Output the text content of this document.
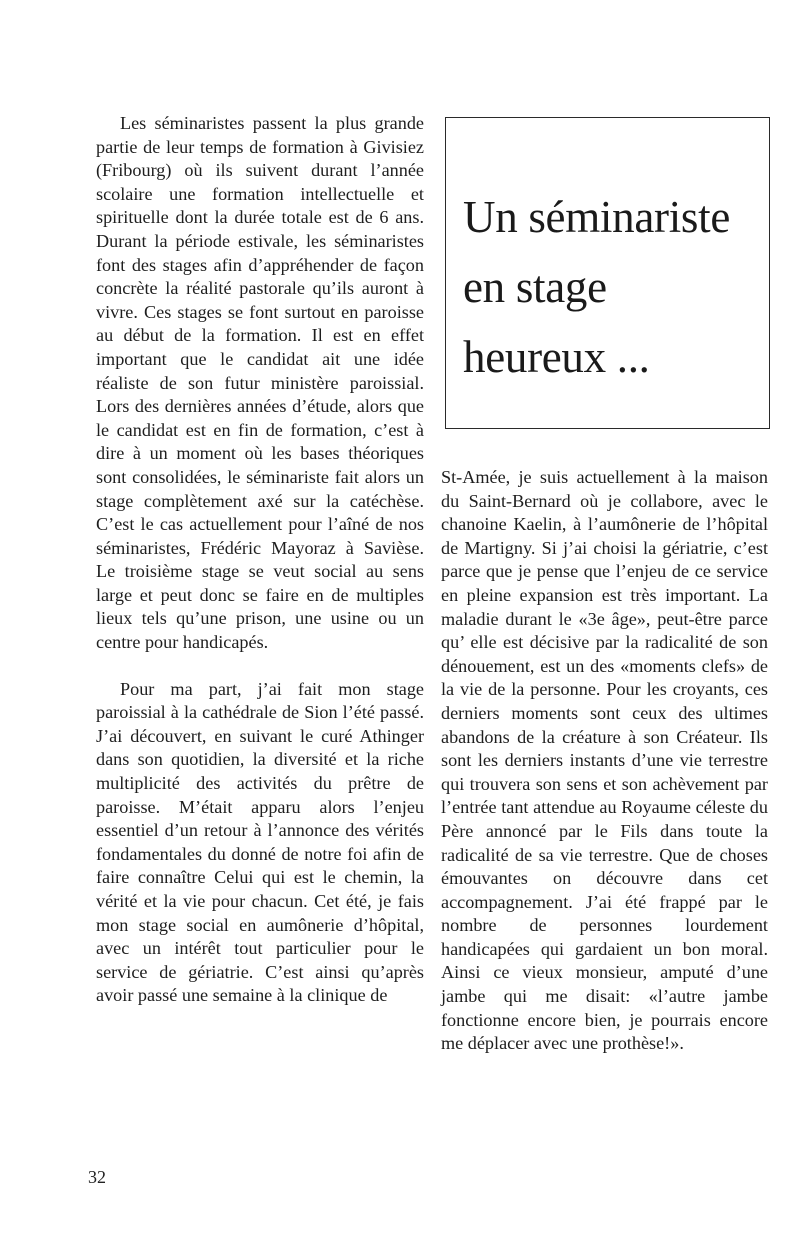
Les séminaristes passent la plus grande partie de leur temps de formation à Givisiez (Fribourg) où ils suivent durant l’année scolaire une formation intellectuelle et spirituelle dont la durée totale est de 6 ans. Durant la période estivale, les séminaristes font des stages afin d’appréhender de façon concrète la réalité pastorale qu’ils auront à vivre. Ces stages se font surtout en paroisse au début de la formation. Il est en effet important que le candidat ait une idée réaliste de son futur ministère paroissial. Lors des dernières années d’étude, alors que le candidat est en fin de formation, c’est à dire à un moment où les bases théoriques sont consolidées, le séminariste fait alors un stage complètement axé sur la catéchèse. C’est le cas actuellement pour l’aîné de nos séminaristes, Frédéric Mayoraz à Savièse. Le troisième stage se veut social au sens large et peut donc se faire en de multiples lieux tels qu’une prison, une usine ou un centre pour handicapés.

Pour ma part, j’ai fait mon stage paroissial à la cathédrale de Sion l’été passé. J’ai découvert, en suivant le curé Athinger dans son quotidien, la diversité et la riche multiplicité des activités du prêtre de paroisse. M’était apparu alors l’enjeu essentiel d’un retour à l’annonce des vérités fondamentales du donné de notre foi afin de faire connaître Celui qui est le chemin, la vérité et la vie pour chacun. Cet été, je fais mon stage social en aumônerie d’hôpital, avec un intérêt tout particulier pour le service de gériatrie. C’est ainsi qu’après avoir passé une semaine à la clinique de

Un séminariste
en stage
heureux ...

St-Amée, je suis actuellement à la maison du Saint-Bernard où je collabore, avec le chanoine Kaelin, à l’aumônerie de l’hôpital de Martigny. Si j’ai choisi la gériatrie, c’est parce que je pense que l’enjeu de ce service en pleine expansion est très important. La maladie durant le «3e âge», peut-être parce qu’ elle est décisive par la radicalité de son dénouement, est un des «moments clefs» de la vie de la personne. Pour les croyants, ces derniers moments sont ceux des ultimes abandons de la créature à son Créateur. Ils sont les derniers instants d’une vie terrestre qui trouvera son sens et son achèvement par l’entrée tant attendue au Royaume céleste du Père annoncé par le Fils dans toute la radicalité de sa vie terrestre. Que de choses émouvantes on découvre dans cet accompagnement. J’ai été frappé par le nombre de personnes lourdement handicapées qui gardaient un bon moral. Ainsi ce vieux monsieur, amputé d’une jambe qui me disait: «l’autre jambe fonctionne encore bien, je pourrais encore me déplacer avec une prothèse!».

32
